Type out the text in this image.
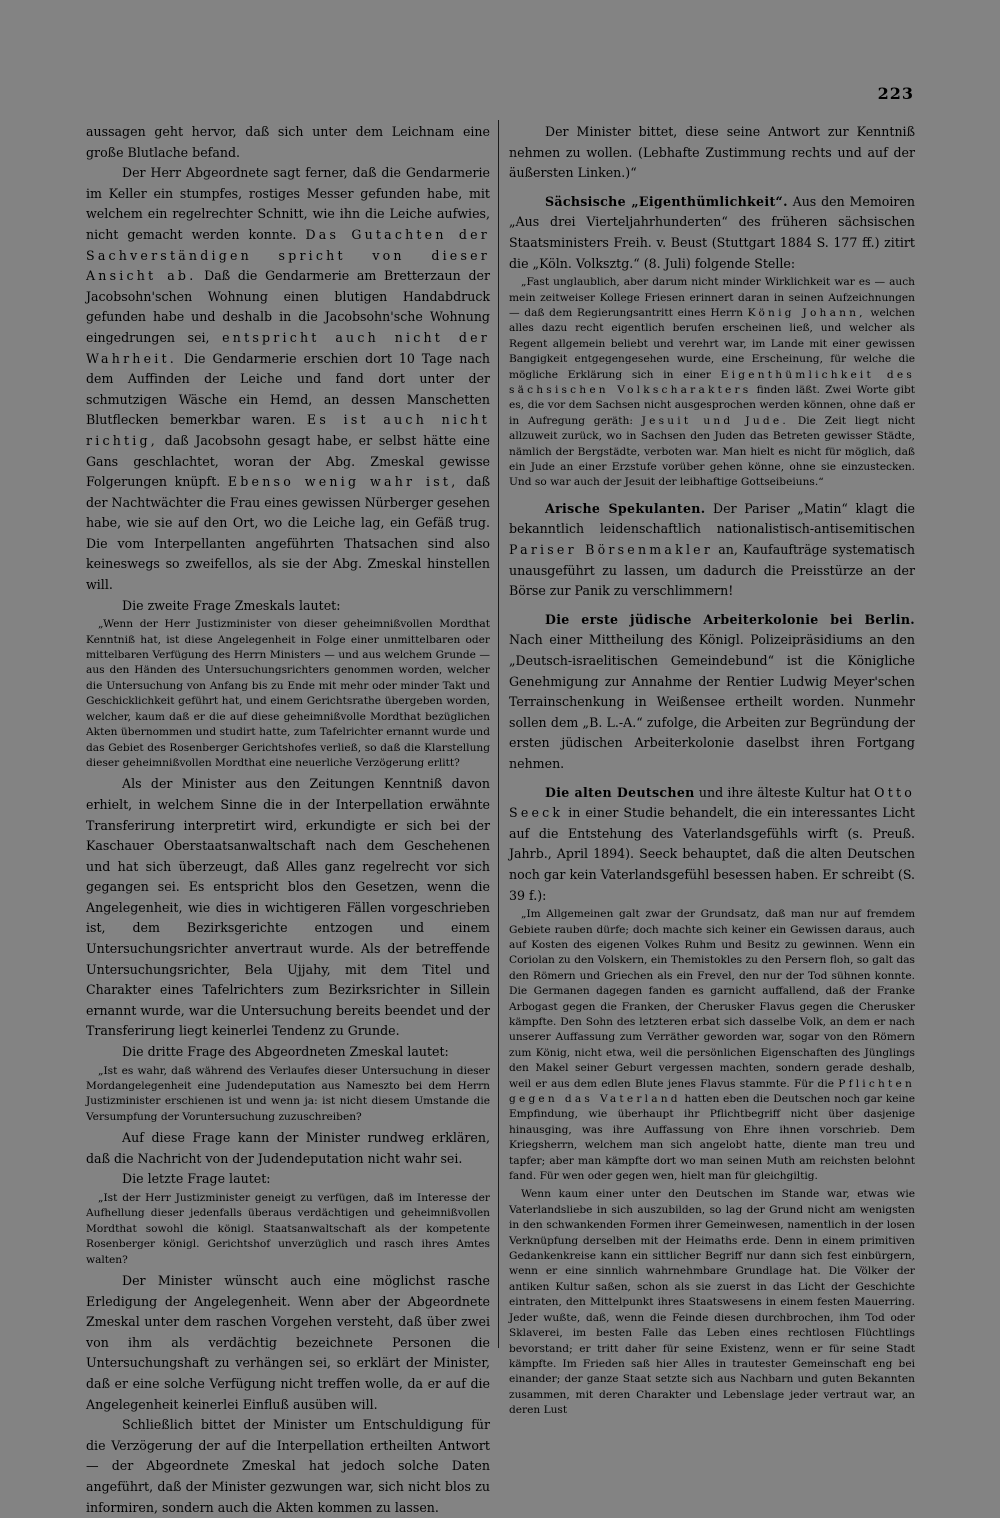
223

aussagen geht hervor, daß sich unter dem Leichnam eine große Blutlache befand.

Der Herr Abgeordnete sagt ferner, daß die Gendarmerie im Keller ein stumpfes, rostiges Messer gefunden habe, mit welchem ein regelrechter Schnitt, wie ihn die Leiche aufwies, nicht gemacht werden konnte. Das Gutachten der Sachverständigen spricht von dieser Ansicht ab. Daß die Gendarmerie am Bretterzaun der Jacobsohn'schen Wohnung einen blutigen Handabdruck gefunden habe und deshalb in die Jacobsohn'sche Wohnung eingedrungen sei, entspricht auch nicht der Wahrheit. Die Gendarmerie erschien dort 10 Tage nach dem Auffinden der Leiche und fand dort unter der schmutzigen Wäsche ein Hemd, an dessen Manschetten Blutflecken bemerkbar waren. Es ist auch nicht richtig, daß Jacobsohn gesagt habe, er selbst hätte eine Gans geschlachtet, woran der Abg. Zmeskal gewisse Folgerungen knüpft. Ebenso wenig wahr ist, daß der Nachtwächter die Frau eines gewissen Nürberger gesehen habe, wie sie auf den Ort, wo die Leiche lag, ein Gefäß trug. Die vom Interpellanten angeführten Thatsachen sind also keineswegs so zweifellos, als sie der Abg. Zmeskal hinstellen will.

Die zweite Frage Zmeskals lautet:

„Wenn der Herr Justizminister von dieser geheimnißvollen Mordthat Kenntniß hat, ist diese Angelegenheit in Folge einer unmittelbaren oder mittelbaren Verfügung des Herrn Ministers — und aus welchem Grunde — aus den Händen des Untersuchungsrichters genommen worden, welcher die Untersuchung von Anfang bis zu Ende mit mehr oder minder Takt und Geschicklichkeit geführt hat, und einem Gerichtsrathe übergeben worden, welcher, kaum daß er die auf diese geheimnißvolle Mordthat bezüglichen Akten übernommen und studirt hatte, zum Tafelrichter ernannt wurde und das Gebiet des Rosenberger Gerichtshofes verließ, so daß die Klarstellung dieser geheimnißvollen Mordthat eine neuerliche Verzögerung erlitt?

Als der Minister aus den Zeitungen Kenntniß davon erhielt, in welchem Sinne die in der Interpellation erwähnte Transferirung interpretirt wird, erkundigte er sich bei der Kaschauer Oberstaatsanwaltschaft nach dem Geschehenen und hat sich überzeugt, daß Alles ganz regelrecht vor sich gegangen sei. Es entspricht blos den Gesetzen, wenn die Angelegenheit, wie dies in wichtigeren Fällen vorgeschrieben ist, dem Bezirksgerichte entzogen und einem Untersuchungsrichter anvertraut wurde. Als der betreffende Untersuchungsrichter, Bela Ujjahy, mit dem Titel und Charakter eines Tafelrichters zum Bezirksrichter in Sillein ernannt wurde, war die Untersuchung bereits beendet und der Transferirung liegt keinerlei Tendenz zu Grunde.

Die dritte Frage des Abgeordneten Zmeskal lautet:

„Ist es wahr, daß während des Verlaufes dieser Untersuchung in dieser Mordangelegenheit eine Judendeputation aus Nameszto bei dem Herrn Justizminister erschienen ist und wenn ja: ist nicht diesem Umstande die Versumpfung der Voruntersuchung zuzuschreiben?

Auf diese Frage kann der Minister rundweg erklären, daß die Nachricht von der Judendeputation nicht wahr sei.

Die letzte Frage lautet:

„Ist der Herr Justizminister geneigt zu verfügen, daß im Interesse der Aufhellung dieser jedenfalls überaus verdächtigen und geheimnißvollen Mordthat sowohl die königl. Staatsanwaltschaft als der kompetente Rosenberger königl. Gerichtshof unverzüglich und rasch ihres Amtes walten?

Der Minister wünscht auch eine möglichst rasche Erledigung der Angelegenheit. Wenn aber der Abgeordnete Zmeskal unter dem raschen Vorgehen versteht, daß über zwei von ihm als verdächtig bezeichnete Personen die Untersuchungshaft zu verhängen sei, so erklärt der Minister, daß er eine solche Verfügung nicht treffen wolle, da er auf die Angelegenheit keinerlei Einfluß ausüben will.

Schließlich bittet der Minister um Entschuldigung für die Verzögerung der auf die Interpellation ertheilten Antwort — der Abgeordnete Zmeskal hat jedoch solche Daten angeführt, daß der Minister gezwungen war, sich nicht blos zu informiren, sondern auch die Akten kommen zu lassen.

Der Minister bittet, diese seine Antwort zur Kenntniß nehmen zu wollen. (Lebhafte Zustimmung rechts und auf der äußersten Linken.)“

Sächsische „Eigenthümlichkeit“. Aus den Memoiren „Aus drei Vierteljahrhunderten“ des früheren sächsischen Staatsministers Freih. v. Beust (Stuttgart 1884 S. 177 ff.) zitirt die „Köln. Volksztg.“ (8. Juli) folgende Stelle:

„Fast unglaublich, aber darum nicht minder Wirklichkeit war es — auch mein zeitweiser Kollege Friesen erinnert daran in seinen Aufzeichnungen — daß dem Regierungsantritt eines Herrn König Johann, welchen alles dazu recht eigentlich berufen erscheinen ließ, und welcher als Regent allgemein beliebt und verehrt war, im Lande mit einer gewissen Bangigkeit entgegengesehen wurde, eine Erscheinung, für welche die mögliche Erklärung sich in einer Eigenthümlichkeit des sächsischen Volkscharakters finden läßt. Zwei Worte gibt es, die vor dem Sachsen nicht ausgesprochen werden können, ohne daß er in Aufregung geräth: Jesuit und Jude. Die Zeit liegt nicht allzuweit zurück, wo in Sachsen den Juden das Betreten gewisser Städte, nämlich der Bergstädte, verboten war. Man hielt es nicht für möglich, daß ein Jude an einer Erzstufe vorüber gehen könne, ohne sie einzustecken. Und so war auch der Jesuit der leibhaftige Gottseibeiuns.“

Arische Spekulanten. Der Pariser „Matin“ klagt die bekanntlich leidenschaftlich nationalistisch-antisemitischen Pariser Börsenmakler an, Kaufaufträge systematisch unausgeführt zu lassen, um dadurch die Preisstürze an der Börse zur Panik zu verschlimmern!

Die erste jüdische Arbeiterkolonie bei Berlin. Nach einer Mittheilung des Königl. Polizeipräsidiums an den „Deutsch-israelitischen Gemeindebund“ ist die Königliche Genehmigung zur Annahme der Rentier Ludwig Meyer'schen Terrainschenkung in Weißensee ertheilt worden. Nunmehr sollen dem „B. L.-A.“ zufolge, die Arbeiten zur Begründung der ersten jüdischen Arbeiterkolonie daselbst ihren Fortgang nehmen.

Die alten Deutschen und ihre älteste Kultur hat Otto Seeck in einer Studie behandelt, die ein interessantes Licht auf die Entstehung des Vaterlandsgefühls wirft (s. Preuß. Jahrb., April 1894). Seeck behauptet, daß die alten Deutschen noch gar kein Vaterlandsgefühl besessen haben. Er schreibt (S. 39 f.):

„Im Allgemeinen galt zwar der Grundsatz, daß man nur auf fremdem Gebiete rauben dürfe; doch machte sich keiner ein Gewissen daraus, auch auf Kosten des eigenen Volkes Ruhm und Besitz zu gewinnen. Wenn ein Coriolan zu den Volskern, ein Themistokles zu den Persern floh, so galt das den Römern und Griechen als ein Frevel, den nur der Tod sühnen konnte. Die Germanen dagegen fanden es garnicht auffallend, daß der Franke Arbogast gegen die Franken, der Cherusker Flavus gegen die Cherusker kämpfte. Den Sohn des letzteren erbat sich dasselbe Volk, an dem er nach unserer Auffassung zum Verräther geworden war, sogar von den Römern zum König, nicht etwa, weil die persönlichen Eigenschaften des Jünglings den Makel seiner Geburt vergessen machten, sondern gerade deshalb, weil er aus dem edlen Blute jenes Flavus stammte. Für die Pflichten gegen das Vaterland hatten eben die Deutschen noch gar keine Empfindung, wie überhaupt ihr Pflichtbegriff nicht über dasjenige hinausging, was ihre Auffassung von Ehre ihnen vorschrieb. Dem Kriegsherrn, welchem man sich angelobt hatte, diente man treu und tapfer; aber man kämpfte dort wo man seinen Muth am reichsten belohnt fand. Für wen oder gegen wen, hielt man für gleichgiltig.

Wenn kaum einer unter den Deutschen im Stande war, etwas wie Vaterlandsliebe in sich auszubilden, so lag der Grund nicht am wenigsten in den schwankenden Formen ihrer Gemeinwesen, namentlich in der losen Verknüpfung derselben mit der Heimaths erde. Denn in einem primitiven Gedankenkreise kann ein sittlicher Begriff nur dann sich fest einbürgern, wenn er eine sinnlich wahrnehmbare Grundlage hat. Die Völker der antiken Kultur saßen, schon als sie zuerst in das Licht der Geschichte eintraten, den Mittelpunkt ihres Staatswesens in einem festen Mauerring. Jeder wußte, daß, wenn die Feinde diesen durchbrochen, ihm Tod oder Sklaverei, im besten Falle das Leben eines rechtlosen Flüchtlings bevorstand; er tritt daher für seine Existenz, wenn er für seine Stadt kämpfte. Im Frieden saß hier Alles in trautester Gemeinschaft eng bei einander; der ganze Staat setzte sich aus Nachbarn und guten Bekannten zusammen, mit deren Charakter und Lebenslage jeder vertraut war, an deren Lust
